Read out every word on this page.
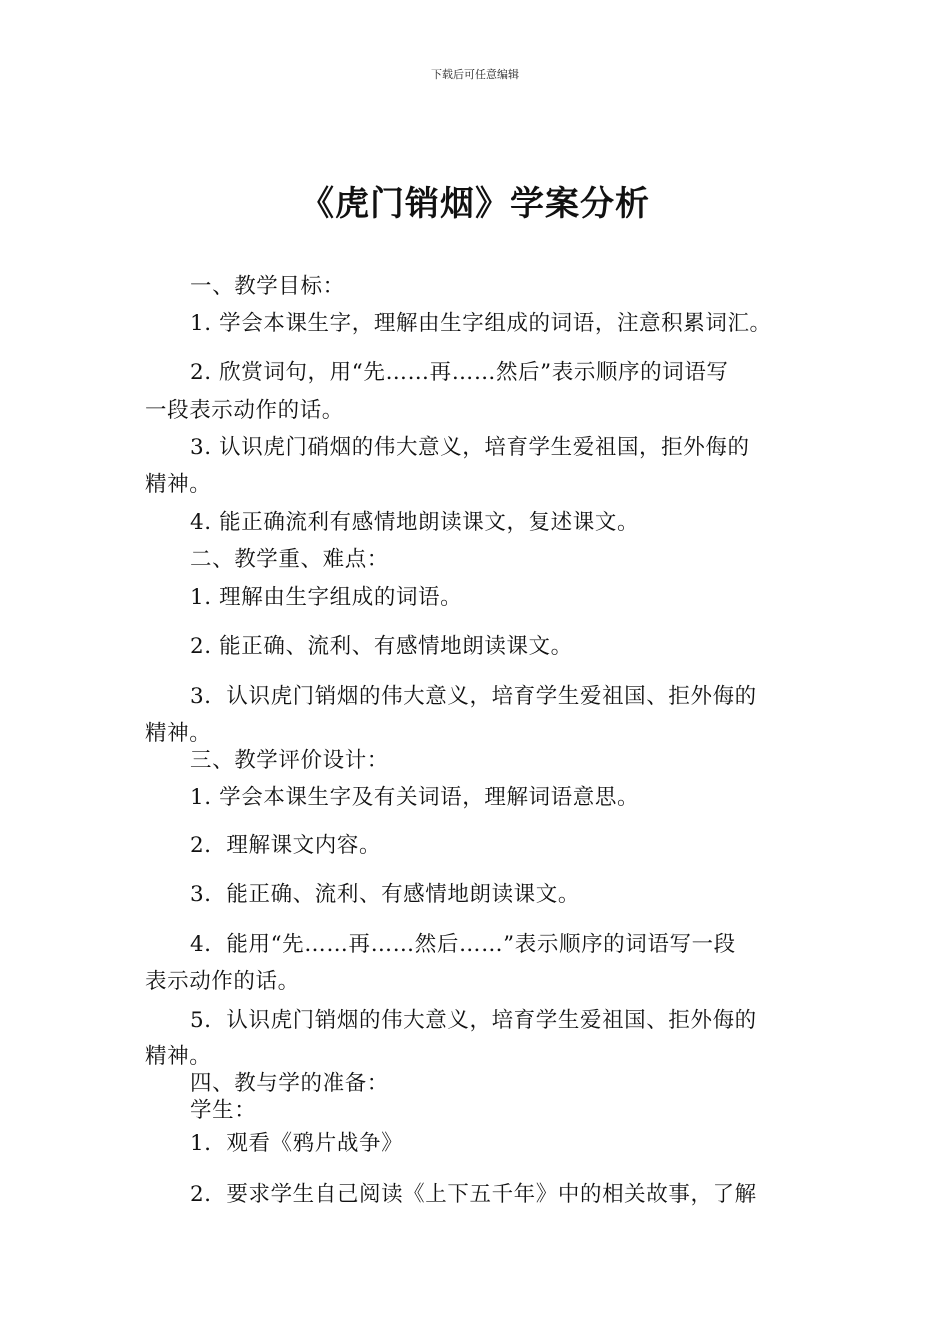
下载后可任意编辑
《虎门销烟》学案分析
一、教学目标：
1. 学会本课生字，理解由生字组成的词语，注意积累词汇。
2. 欣赏词句，用“先……再……然后”表示顺序的词语写
一段表示动作的话。
3. 认识虎门硝烟的伟大意义，培育学生爱祖国，拒外侮的
精神。
4. 能正确流利有感情地朗读课文，复述课文。
二、教学重、难点：
1. 理解由生字组成的词语。
2. 能正确、流利、有感情地朗读课文。
3．认识虎门销烟的伟大意义，培育学生爱祖国、拒外侮的
精神。
三、教学评价设计：
1. 学会本课生字及有关词语，理解词语意思。
2．理解课文内容。
3．能正确、流利、有感情地朗读课文。
4．能用“先……再……然后……”表示顺序的词语写一段
表示动作的话。
5．认识虎门销烟的伟大意义，培育学生爱祖国、拒外侮的
精神。
四、教与学的准备：
学生：
1．观看《鸦片战争》
2．要求学生自己阅读《上下五千年》中的相关故事，了解
